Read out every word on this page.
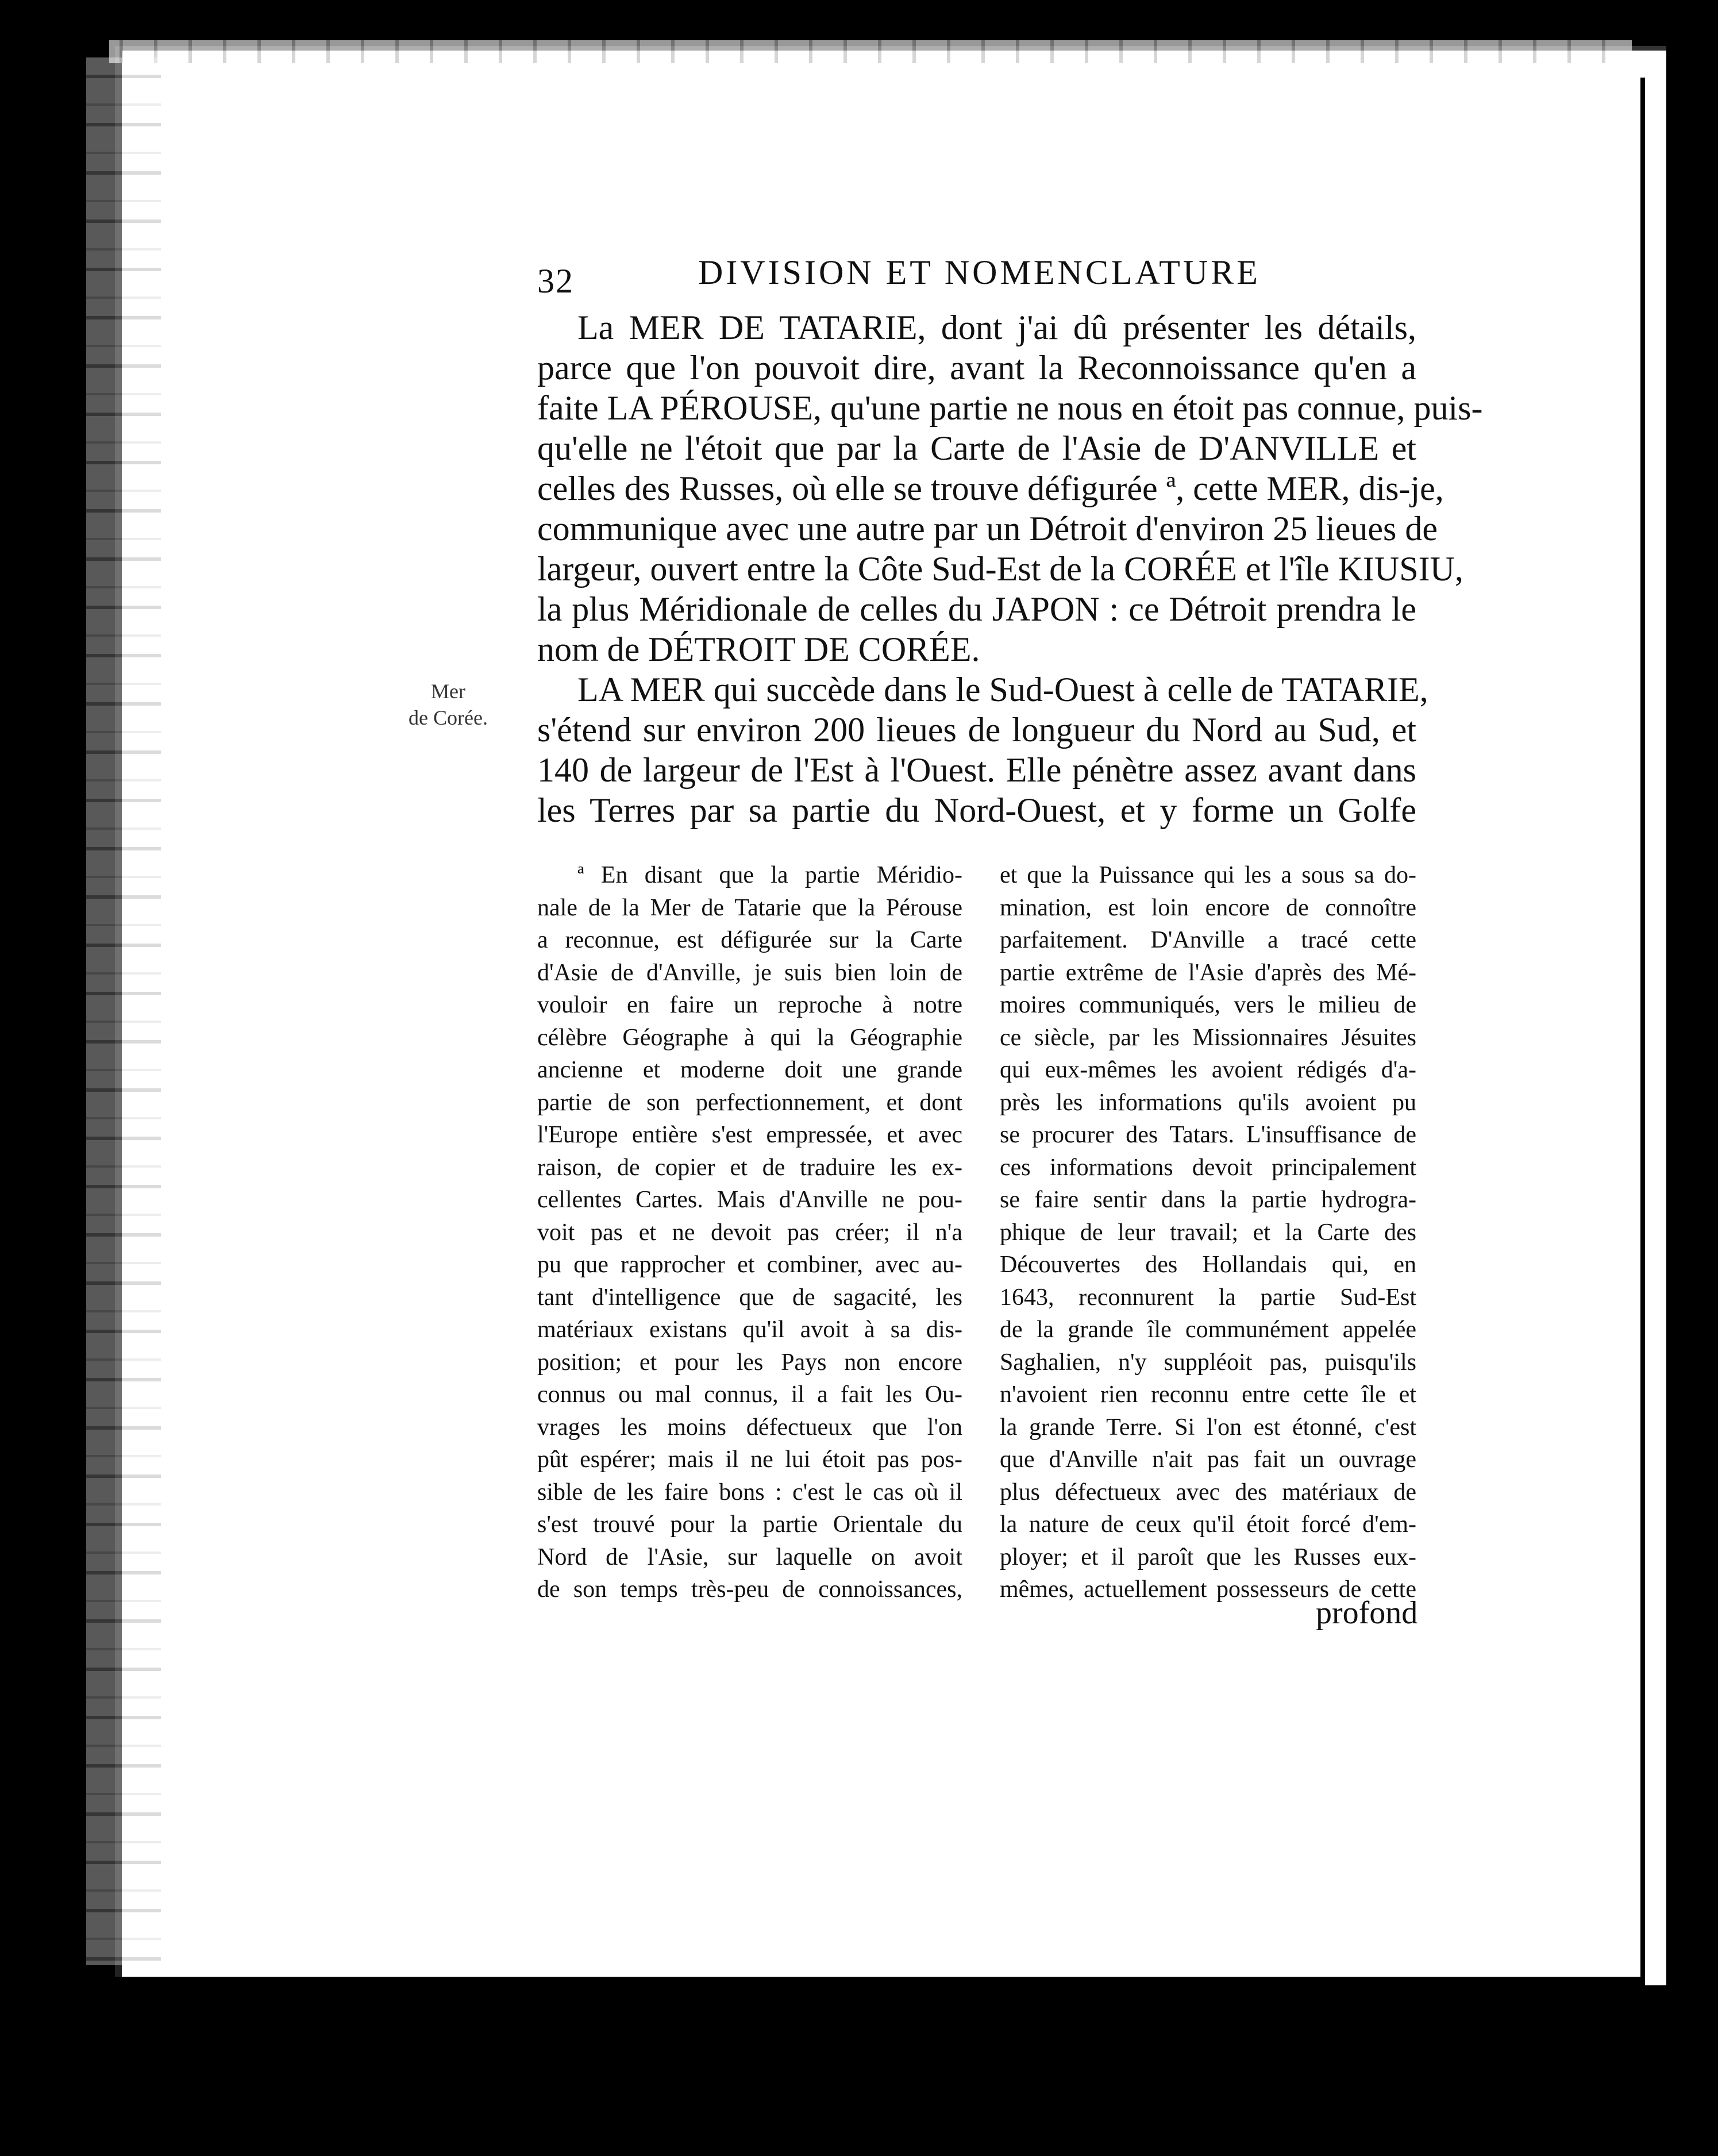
32	DIVISION ET NOMENCLATURE
La MER DE TATARIE, dont j'ai dû présenter les détails,
parce que l'on pouvoit dire, avant la Reconnoissance qu'en a
faite LA PÉROUSE, qu'une partie ne nous en étoit pas connue, puis-
qu'elle ne l'étoit que par la Carte de l'Asie de D'ANVILLE et
celles des Russes, où elle se trouve défigurée ª, cette MER, dis-je,
communique avec une autre par un Détroit d'environ 25 lieues de
largeur, ouvert entre la Côte Sud-Est de la CORÉE et l'île KIUSIU,
la plus Méridionale de celles du JAPON : ce Détroit prendra le
nom de DÉTROIT DE CORÉE.
LA MER qui succède dans le Sud-Ouest à celle de TATARIE,
s'étend sur environ 200 lieues de longueur du Nord au Sud, et
140 de largeur de l'Est à l'Ouest. Elle pénètre assez avant dans
les Terres par sa partie du Nord-Ouest, et y forme un Golfe
Mer
de Corée.
ª En disant que la partie Méridio-
nale de la Mer de Tatarie que la Pérouse
a reconnue, est défigurée sur la Carte
d'Asie de d'Anville, je suis bien loin de
vouloir en faire un reproche à notre
célèbre Géographe à qui la Géographie
ancienne et moderne doit une grande
partie de son perfectionnement, et dont
l'Europe entière s'est empressée, et avec
raison, de copier et de traduire les ex-
cellentes Cartes. Mais d'Anville ne pou-
voit pas et ne devoit pas créer; il n'a
pu que rapprocher et combiner, avec au-
tant d'intelligence que de sagacité, les
matériaux existans qu'il avoit à sa dis-
position; et pour les Pays non encore
connus ou mal connus, il a fait les Ou-
vrages les moins défectueux que l'on
pût espérer; mais il ne lui étoit pas pos-
sible de les faire bons : c'est le cas où il
s'est trouvé pour la partie Orientale du
Nord de l'Asie, sur laquelle on avoit
de son temps très-peu de connoissances,
et que la Puissance qui les a sous sa do-
mination, est loin encore de connoître
parfaitement. D'Anville a tracé cette
partie extrême de l'Asie d'après des Mé-
moires communiqués, vers le milieu de
ce siècle, par les Missionnaires Jésuites
qui eux-mêmes les avoient rédigés d'a-
près les informations qu'ils avoient pu
se procurer des Tatars. L'insuffisance de
ces informations devoit principalement
se faire sentir dans la partie hydrogra-
phique de leur travail; et la Carte des
Découvertes des Hollandais qui, en
1643, reconnurent la partie Sud-Est
de la grande île communément appelée
Saghalien, n'y suppléoit pas, puisqu'ils
n'avoient rien reconnu entre cette île et
la grande Terre. Si l'on est étonné, c'est
que d'Anville n'ait pas fait un ouvrage
plus défectueux avec des matériaux de
la nature de ceux qu'il étoit forcé d'em-
ployer; et il paroît que les Russes eux-
mêmes, actuellement possesseurs de cette
profond
